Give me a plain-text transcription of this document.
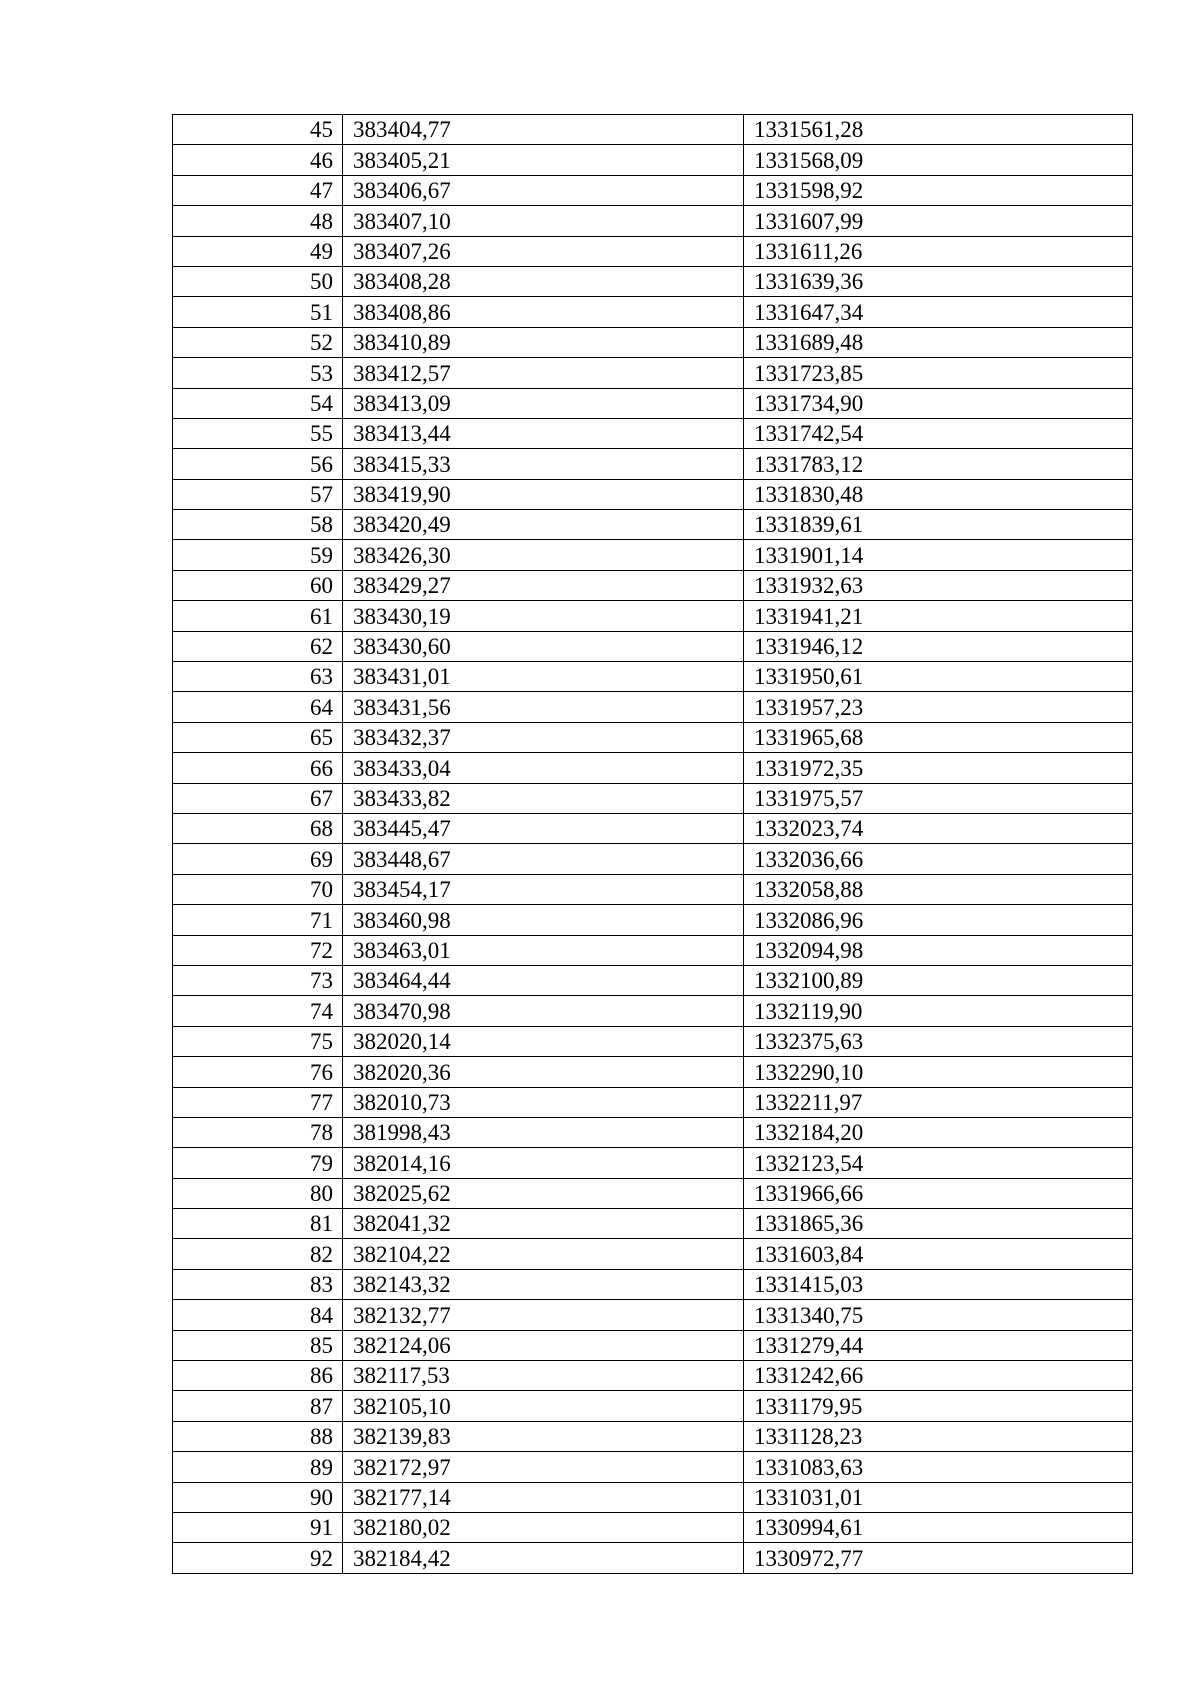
45	383404,77	1331561,28
46	383405,21	1331568,09
47	383406,67	1331598,92
48	383407,10	1331607,99
49	383407,26	1331611,26
50	383408,28	1331639,36
51	383408,86	1331647,34
52	383410,89	1331689,48
53	383412,57	1331723,85
54	383413,09	1331734,90
55	383413,44	1331742,54
56	383415,33	1331783,12
57	383419,90	1331830,48
58	383420,49	1331839,61
59	383426,30	1331901,14
60	383429,27	1331932,63
61	383430,19	1331941,21
62	383430,60	1331946,12
63	383431,01	1331950,61
64	383431,56	1331957,23
65	383432,37	1331965,68
66	383433,04	1331972,35
67	383433,82	1331975,57
68	383445,47	1332023,74
69	383448,67	1332036,66
70	383454,17	1332058,88
71	383460,98	1332086,96
72	383463,01	1332094,98
73	383464,44	1332100,89
74	383470,98	1332119,90
75	382020,14	1332375,63
76	382020,36	1332290,10
77	382010,73	1332211,97
78	381998,43	1332184,20
79	382014,16	1332123,54
80	382025,62	1331966,66
81	382041,32	1331865,36
82	382104,22	1331603,84
83	382143,32	1331415,03
84	382132,77	1331340,75
85	382124,06	1331279,44
86	382117,53	1331242,66
87	382105,10	1331179,95
88	382139,83	1331128,23
89	382172,97	1331083,63
90	382177,14	1331031,01
91	382180,02	1330994,61
92	382184,42	1330972,77
